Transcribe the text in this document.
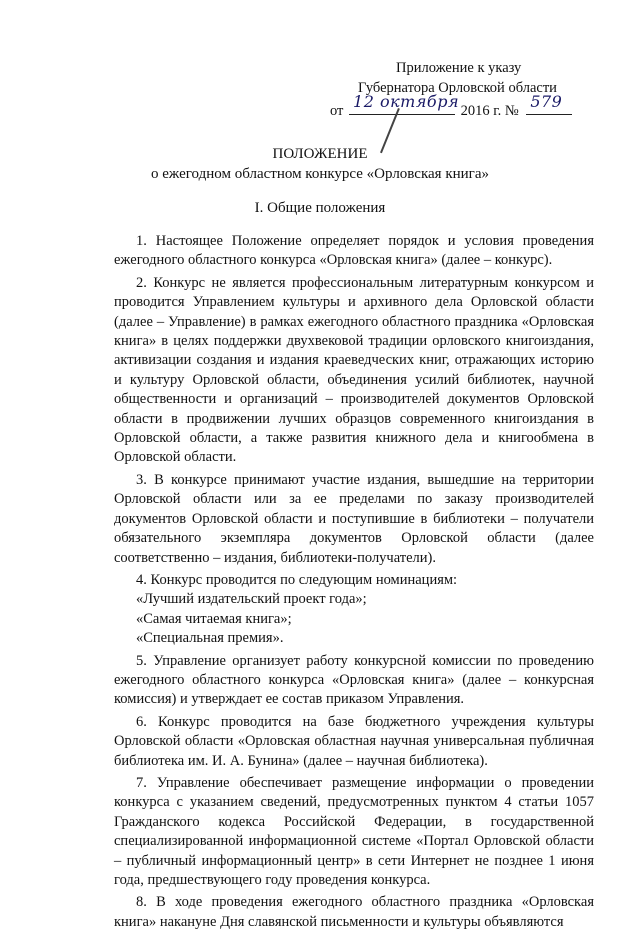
Приложение к указу
Губернатора Орловской области
от 12 октября 2016 г. № 579
ПОЛОЖЕНИЕ
о ежегодном областном конкурсе «Орловская книга»
I. Общие положения

1. Настоящее Положение определяет порядок и условия проведения ежегодного областного конкурса «Орловская книга» (далее – конкурс).

2. Конкурс не является профессиональным литературным конкурсом и проводится Управлением культуры и архивного дела Орловской области (далее – Управление) в рамках ежегодного областного праздника «Орловская книга» в целях поддержки двухвековой традиции орловского книгоиздания, активизации создания и издания краеведческих книг, отражающих историю и культуру Орловской области, объединения усилий библиотек, научной общественности и организаций – производителей документов Орловской области в продвижении лучших образцов современного книгоиздания в Орловской области, а также развития книжного дела и книгообмена в Орловской области.

3. В конкурсе принимают участие издания, вышедшие на территории Орловской области или за ее пределами по заказу производителей документов Орловской области и поступившие в библиотеки – получатели обязательного экземпляра документов Орловской области (далее соответственно – издания, библиотеки-получатели).

4. Конкурс проводится по следующим номинациям:

«Лучший издательский проект года»;

«Самая читаемая книга»;

«Специальная премия».

5. Управление организует работу конкурсной комиссии по проведению ежегодного областного конкурса «Орловская книга» (далее – конкурсная комиссия) и утверждает ее состав приказом Управления.

6. Конкурс проводится на базе бюджетного учреждения культуры Орловской области «Орловская областная научная универсальная публичная библиотека им. И. А. Бунина» (далее – научная библиотека).

7. Управление обеспечивает размещение информации о проведении конкурса с указанием сведений, предусмотренных пунктом 4 статьи 1057 Гражданского кодекса Российской Федерации, в государственной специализированной информационной системе «Портал Орловской области – публичный информационный центр» в сети Интернет не позднее 1 июня года, предшествующего году проведения конкурса.

8. В ходе проведения ежегодного областного праздника «Орловская книга» накануне Дня славянской письменности и культуры объявляются
